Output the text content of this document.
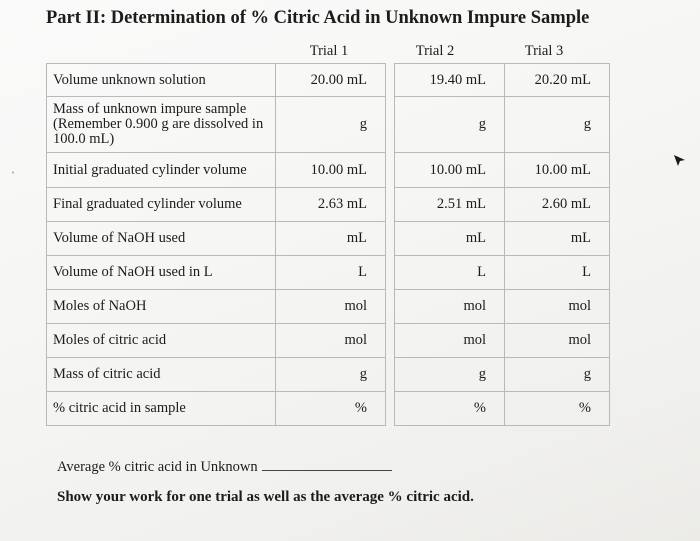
Part II: Determination of % Citric Acid in Unknown Impure Sample
Trial 1	Trial 2	Trial 3
Volume unknown solution	20.00 mL		19.40 mL	20.20 mL
Mass of unknown impure sample (Remember 0.900 g are dissolved in 100.0 mL)	g		g	g
Initial graduated cylinder volume	10.00 mL		10.00 mL	10.00 mL
Final graduated cylinder volume	2.63 mL		2.51 mL	2.60 mL
Volume of NaOH used	mL		mL	mL
Volume of NaOH used in L	L		L	L
Moles of NaOH	mol		mol	mol
Moles of citric acid	mol		mol	mol
Mass of citric acid	g		g	g
% citric acid in sample	%		%	%
Average % citric acid in Unknown
Show your work for one trial as well as the average % citric acid.
ˈ
